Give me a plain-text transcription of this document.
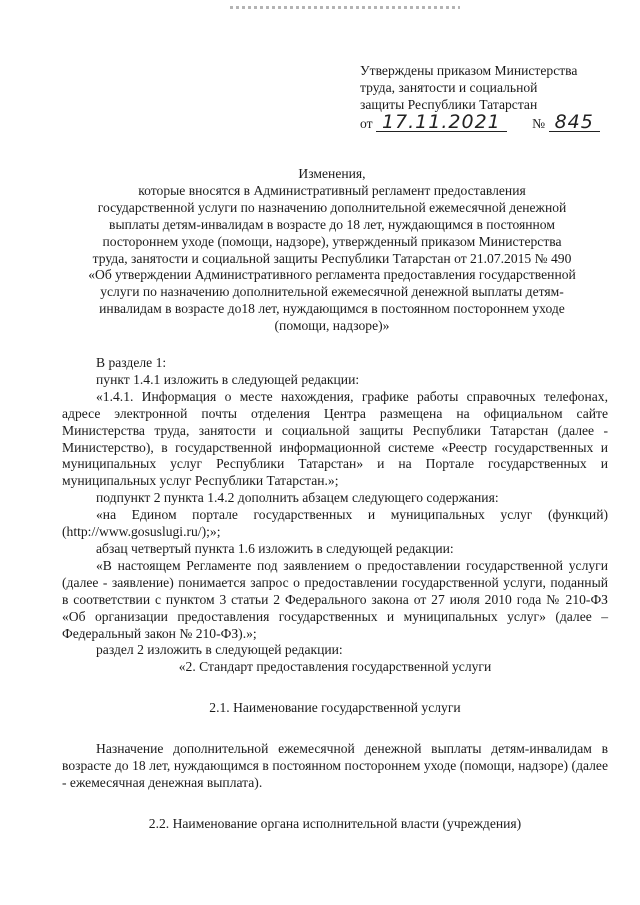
Утверждены приказом Министерства
труда, занятости и социальной
защиты Республики Татарстан
от 17.11.2021 № 845
Изменения,
которые вносятся в Административный регламент предоставления
государственной услуги по назначению дополнительной ежемесячной денежной
выплаты детям-инвалидам в возрасте до 18 лет, нуждающимся в постоянном
постороннем уходе (помощи, надзоре), утвержденный приказом Министерства
труда, занятости и социальной защиты Республики Татарстан от 21.07.2015 № 490
«Об утверждении Административного регламента предоставления государственной
услуги по назначению дополнительной ежемесячной денежной выплаты детям-
инвалидам в возрасте до18 лет, нуждающимся в постоянном постороннем уходе
(помощи, надзоре)»

В разделе 1:

пункт 1.4.1 изложить в следующей редакции:

«1.4.1. Информация о месте нахождения, графике работы справочных телефонах, адресе электронной почты отделения Центра размещена на официальном сайте Министерства труда, занятости и социальной защиты Республики Татарстан (далее - Министерство), в государственной информационной системе «Реестр государственных и муниципальных услуг Республики Татарстан» и на Портале государственных и муниципальных услуг Республики Татарстан.»;

подпункт 2 пункта 1.4.2 дополнить абзацем следующего содержания:

«на Едином портале государственных и муниципальных услуг (функций) (http://www.gosuslugi.ru/);»;

абзац четвертый пункта 1.6 изложить в следующей редакции:

«В настоящем Регламенте под заявлением о предоставлении государственной услуги (далее - заявление) понимается запрос о предоставлении государственной услуги, поданный в соответствии с пунктом 3 статьи 2 Федерального закона от 27 июля 2010 года № 210-ФЗ «Об организации предоставления государственных и муниципальных услуг» (далее – Федеральный закон № 210-ФЗ).»;

раздел 2 изложить в следующей редакции:

«2. Стандарт предоставления государственной услуги

2.1. Наименование государственной услуги

Назначение дополнительной ежемесячной денежной выплаты детям-инвалидам в возрасте до 18 лет, нуждающимся в постоянном постороннем уходе (помощи, надзоре) (далее - ежемесячная денежная выплата).

2.2. Наименование органа исполнительной власти (учреждения)
